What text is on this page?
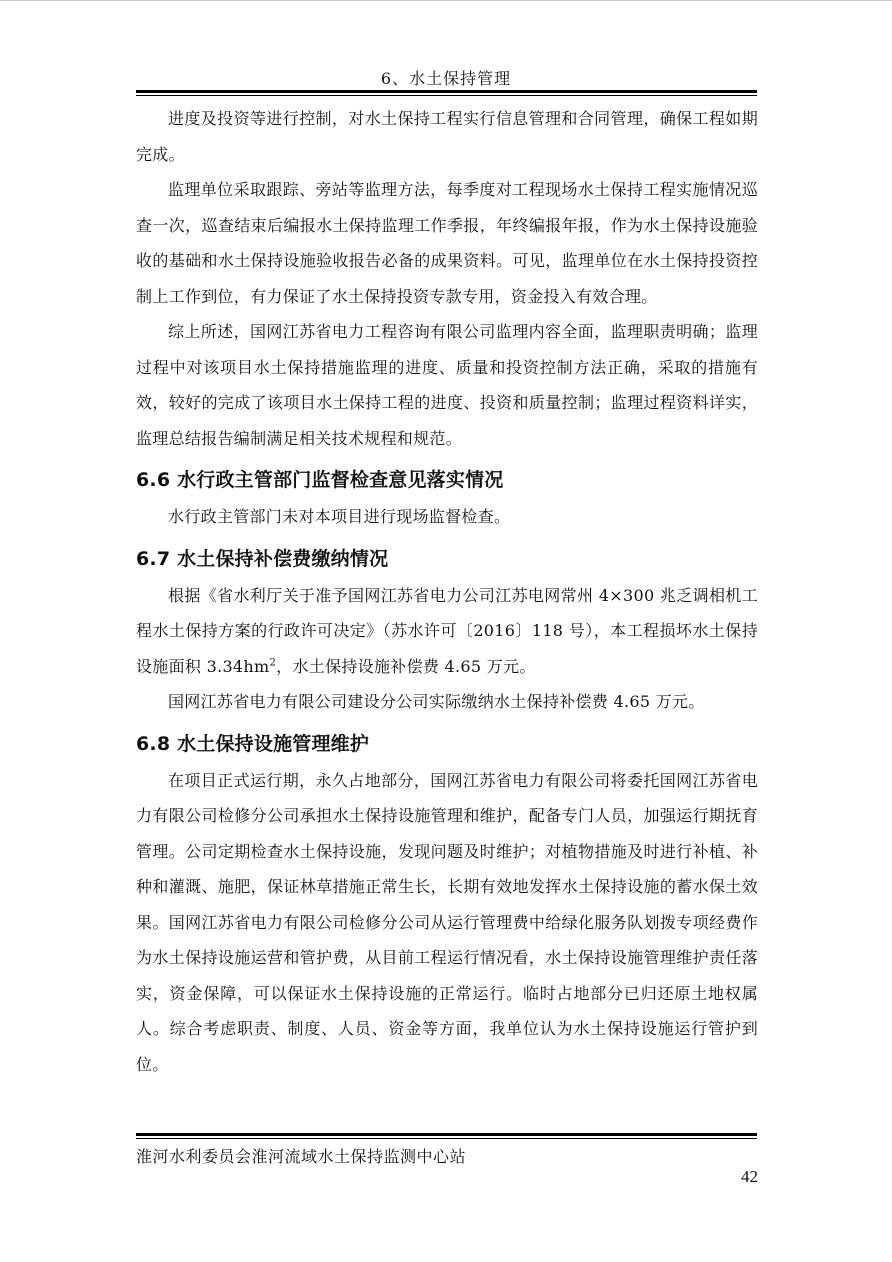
6、水土保持管理

进度及投资等进行控制，对水土保持工程实行信息管理和合同管理，确保工程如期完成。

监理单位采取跟踪、旁站等监理方法，每季度对工程现场水土保持工程实施情况巡查一次，巡查结束后编报水土保持监理工作季报，年终编报年报，作为水土保持设施验收的基础和水土保持设施验收报告必备的成果资料。可见，监理单位在水土保持投资控制上工作到位，有力保证了水土保持投资专款专用，资金投入有效合理。

综上所述，国网江苏省电力工程咨询有限公司监理内容全面，监理职责明确；监理过程中对该项目水土保持措施监理的进度、质量和投资控制方法正确，采取的措施有效，较好的完成了该项目水土保持工程的进度、投资和质量控制；监理过程资料详实，监理总结报告编制满足相关技术规程和规范。

6.6 水行政主管部门监督检查意见落实情况

水行政主管部门未对本项目进行现场监督检查。

6.7 水土保持补偿费缴纳情况

根据《省水利厅关于准予国网江苏省电力公司江苏电网常州 4×300 兆乏调相机工程水土保持方案的行政许可决定》（苏水许可〔2016〕118 号），本工程损坏水土保持设施面积 $3.34hm^2$，水土保持设施补偿费 4.65 万元。

国网江苏省电力有限公司建设分公司实际缴纳水土保持补偿费 4.65 万元。

6.8 水土保持设施管理维护

在项目正式运行期，永久占地部分，国网江苏省电力有限公司将委托国网江苏省电力有限公司检修分公司承担水土保持设施管理和维护，配备专门人员，加强运行期抚育管理。公司定期检查水土保持设施，发现问题及时维护；对植物措施及时进行补植、补种和灌溉、施肥，保证林草措施正常生长，长期有效地发挥水土保持设施的蓄水保土效果。国网江苏省电力有限公司检修分公司从运行管理费中给绿化服务队划拨专项经费作为水土保持设施运营和管护费，从目前工程运行情况看，水土保持设施管理维护责任落实，资金保障，可以保证水土保持设施的正常运行。临时占地部分已归还原土地权属人。综合考虑职责、制度、人员、资金等方面，我单位认为水土保持设施运行管护到位。

淮河水利委员会淮河流域水土保持监测中心站
42
